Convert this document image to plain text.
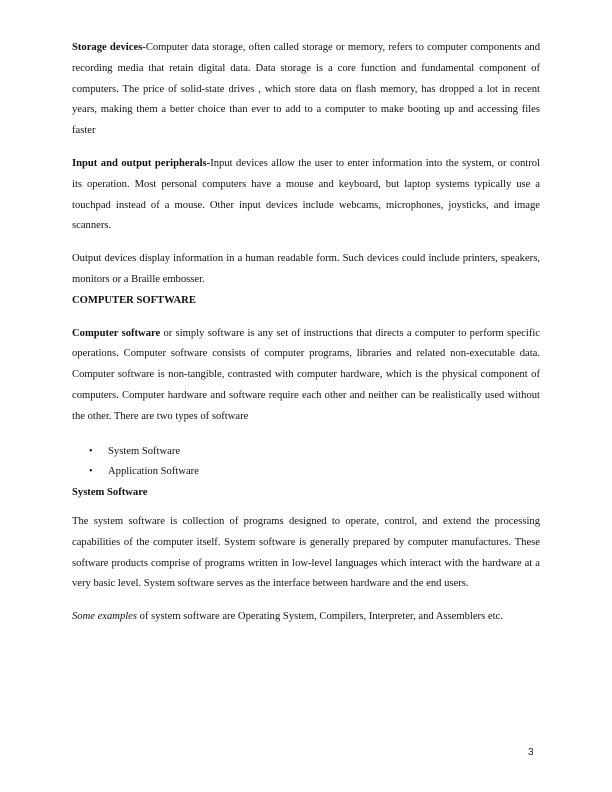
Storage devices-Computer data storage, often called storage or memory, refers to computer components and recording media that retain digital data. Data storage is a core function and fundamental component of computers. The price of solid-state drives , which store data on flash memory, has dropped a lot in recent years, making them a better choice than ever to add to a computer to make booting up and accessing files faster

Input and output peripherals-Input devices allow the user to enter information into the system, or control its operation. Most personal computers have a mouse and keyboard, but laptop systems typically use a touchpad instead of a mouse. Other input devices include webcams, microphones, joysticks, and image scanners.

Output devices display information in a human readable form. Such devices could include printers, speakers, monitors or a Braille embosser.

COMPUTER SOFTWARE

Computer software or simply software is any set of instructions that directs a computer to perform specific operations. Computer software consists of computer programs, libraries and related non-executable data. Computer software is non-tangible, contrasted with computer hardware, which is the physical component of computers. Computer hardware and software require each other and neither can be realistically used without the other. There are two types of software

• System Software
• Application Software

System Software

The system software is collection of programs designed to operate, control, and extend the processing capabilities of the computer itself. System software is generally prepared by computer manufactures. These software products comprise of programs written in low-level languages which interact with the hardware at a very basic level. System software serves as the interface between hardware and the end users.

Some examples of system software are Operating System, Compilers, Interpreter, and Assemblers etc.

3
